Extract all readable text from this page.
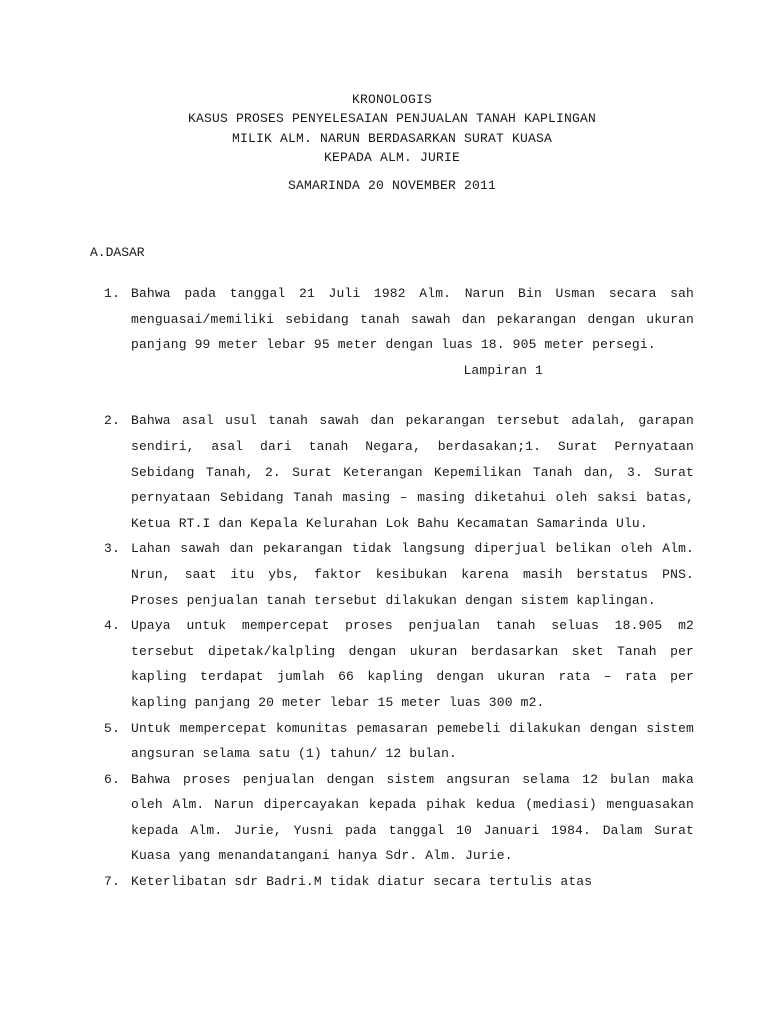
KRONOLOGIS
KASUS PROSES PENYELESAIAN PENJUALAN TANAH KAPLINGAN
MILIK ALM. NARUN BERDASARKAN SURAT KUASA
KEPADA ALM. JURIE
SAMARINDA 20 NOVEMBER 2011
A.DASAR
1. Bahwa pada tanggal 21 Juli 1982 Alm. Narun Bin Usman secara sah menguasai/memiliki sebidang tanah sawah dan pekarangan dengan ukuran panjang 99 meter lebar 95 meter dengan luas 18. 905 meter persegi.
Lampiran 1
2. Bahwa asal usul tanah sawah dan pekarangan tersebut adalah, garapan sendiri, asal dari tanah Negara, berdasakan;1. Surat Pernyataan Sebidang Tanah, 2. Surat Keterangan Kepemilikan Tanah dan, 3. Surat pernyataan Sebidang Tanah masing – masing diketahui oleh saksi batas, Ketua RT.I dan Kepala Kelurahan Lok Bahu Kecamatan Samarinda Ulu.
3. Lahan sawah dan pekarangan tidak langsung diperjual belikan oleh Alm. Nrun, saat itu ybs, faktor kesibukan karena masih berstatus PNS. Proses penjualan tanah tersebut dilakukan dengan sistem kaplingan.
4. Upaya untuk mempercepat proses penjualan tanah seluas 18.905 m2 tersebut dipetak/kalpling dengan ukuran berdasarkan sket Tanah per kapling terdapat jumlah 66 kapling dengan ukuran rata – rata per kapling panjang 20 meter lebar 15 meter luas 300 m2.
5. Untuk mempercepat komunitas pemasaran pemebeli dilakukan dengan sistem angsuran selama satu (1) tahun/ 12 bulan.
6. Bahwa proses penjualan dengan sistem angsuran selama 12 bulan maka oleh Alm. Narun dipercayakan kepada pihak kedua (mediasi) menguasakan kepada Alm. Jurie, Yusni pada tanggal 10 Januari 1984. Dalam Surat Kuasa yang menandatangani hanya Sdr. Alm. Jurie.
7. Keterlibatan sdr Badri.M tidak diatur secara tertulis atas
